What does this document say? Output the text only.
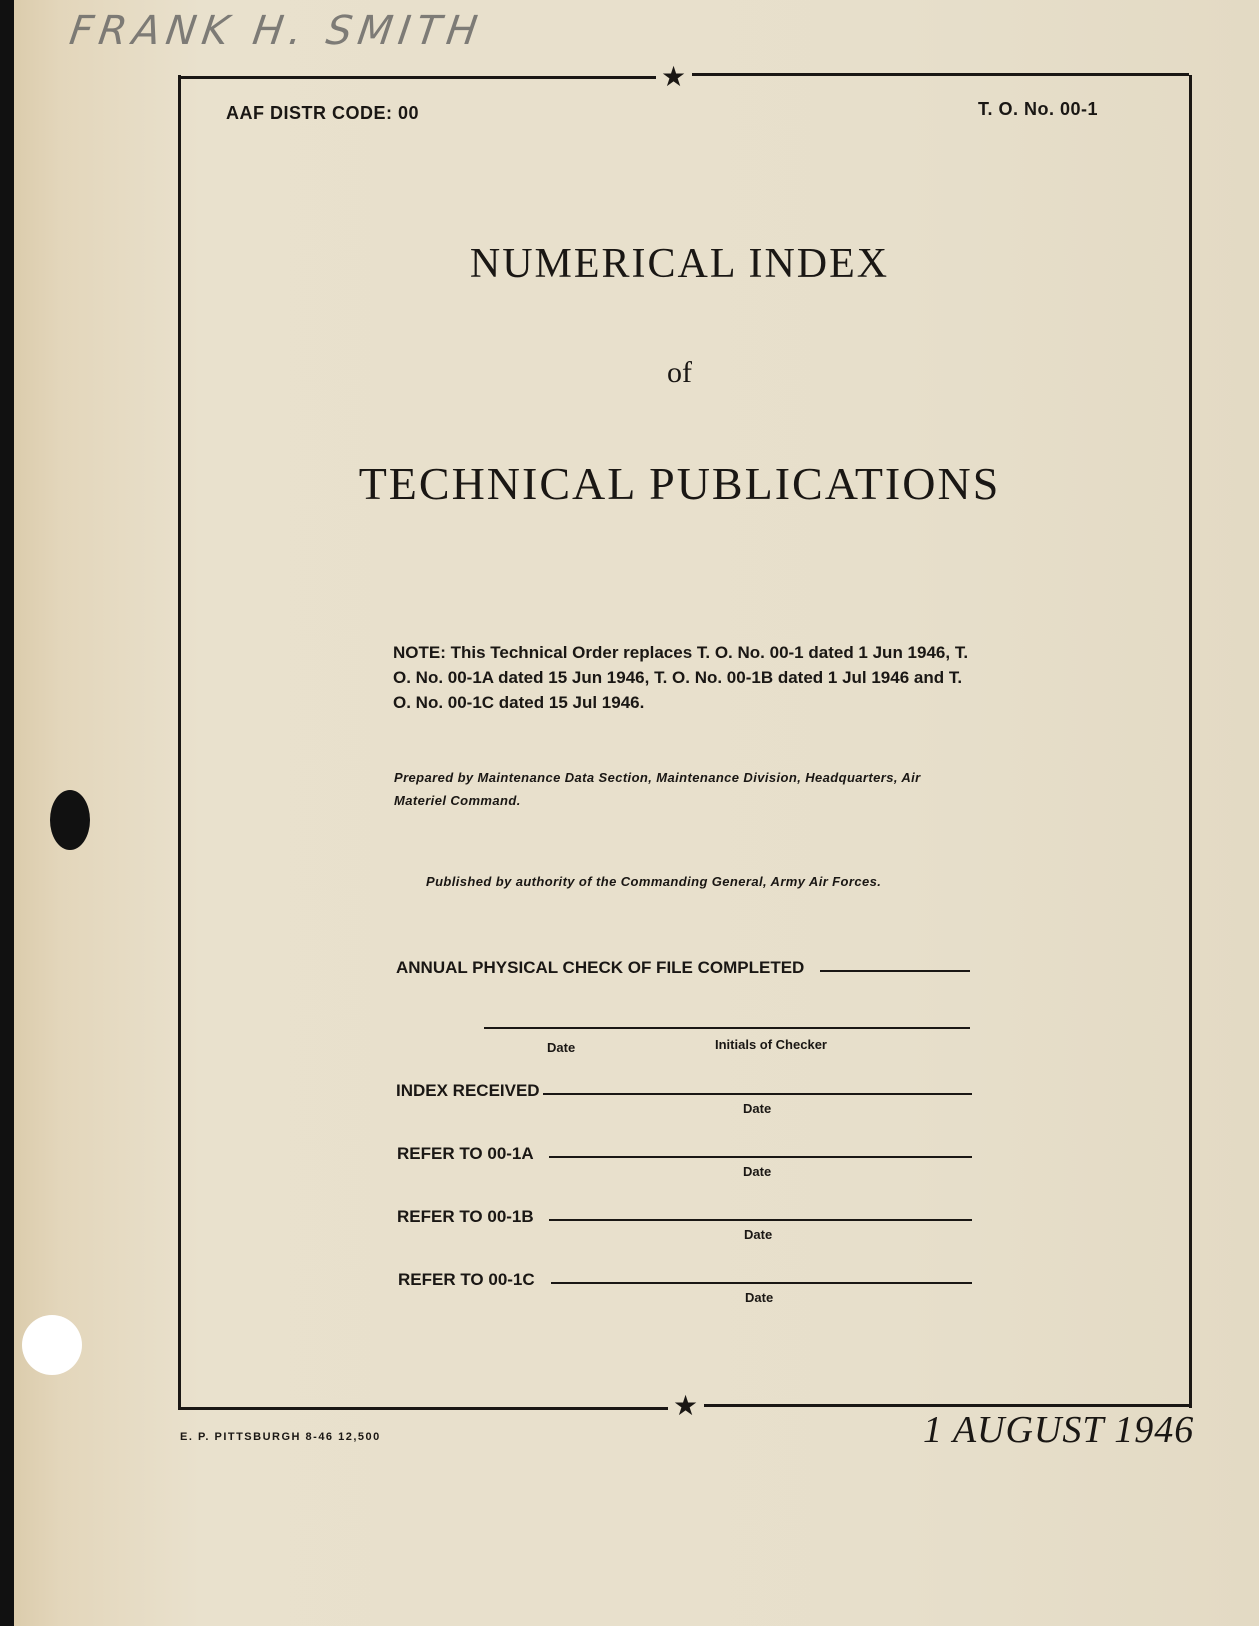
FRANK H. SMITH
★
★
AAF DISTR CODE: 00	T. O. No. 00-1
NUMERICAL INDEX
of
TECHNICAL PUBLICATIONS
NOTE: This Technical Order replaces T. O. No. 00-1 dated 1 Jun 1946, T. O. No. 00-1A dated 15 Jun 1946, T. O. No. 00-1B dated 1 Jul 1946 and T. O. No. 00-1C dated 15 Jul 1946.
Prepared by Maintenance Data Section, Maintenance Division, Headquarters, Air Materiel Command.
Published by authority of the Commanding General, Army Air Forces.
ANNUAL PHYSICAL CHECK OF FILE COMPLETED
Date	Initials of Checker
INDEX RECEIVED
Date
REFER TO 00-1A
Date
REFER TO 00-1B
Date
REFER TO 00-1C
Date
E. P. PITTSBURGH 8-46 12,500	1 AUGUST 1946
